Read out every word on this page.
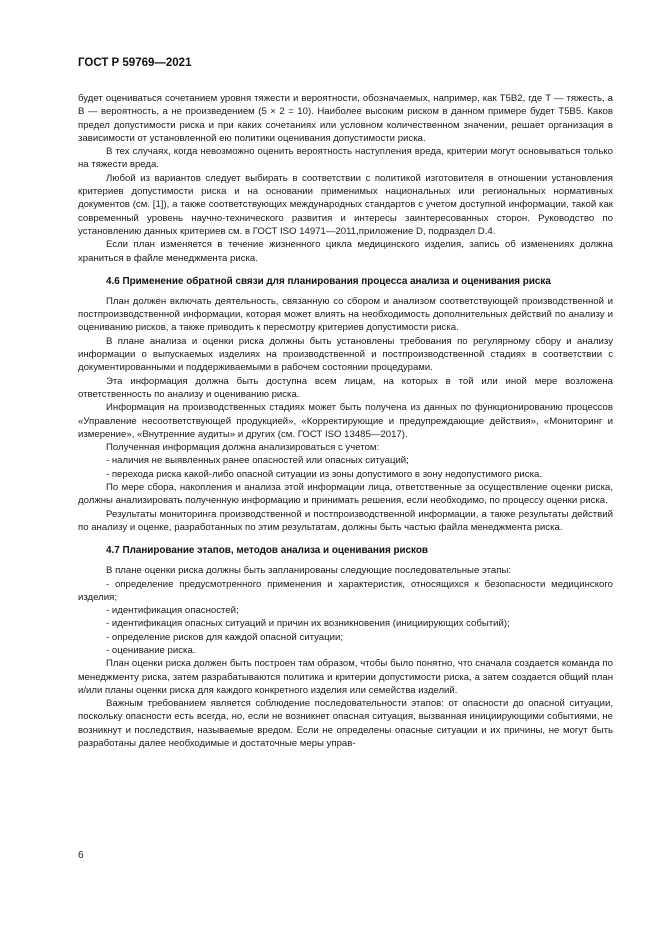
ГОСТ Р 59769—2021

будет оцениваться сочетанием уровня тяжести и вероятности, обозначаемых, например, как T5B2, где T — тяжесть, а B — вероятность, а не произведением (5 × 2 = 10). Наиболее высоким риском в данном примере будет T5B5. Каков предел допустимости риска и при каких сочетаниях или условном количественном значении, решает организация в зависимости от установленной ею политики оценивания допустимости риска.

В тех случаях, когда невозможно оценить вероятность наступления вреда, критерии могут основываться только на тяжести вреда.

Любой из вариантов следует выбирать в соответствии с политикой изготовителя в отношении установления критериев допустимости риска и на основании применимых национальных или региональных нормативных документов (см. [1]), а также соответствующих международных стандартов с учетом доступной информации, такой как современный уровень научно-технического развития и интересы заинтересованных сторон. Руководство по установлению данных критериев см. в ГОСТ ISO 14971—2011,приложение D, подраздел D.4.

Если план изменяется в течение жизненного цикла медицинского изделия, запись об изменениях должна храниться в файле менеджмента риска.

4.6 Применение обратной связи для планирования процесса анализа и оценивания риска

План должен включать деятельность, связанную со сбором и анализом соответствующей производственной и постпроизводственной информации, которая может влиять на необходимость дополнительных действий по анализу и оцениванию рисков, а также приводить к пересмотру критериев допустимости риска.

В плане анализа и оценки риска должны быть установлены требования по регулярному сбору и анализу информации о выпускаемых изделиях на производственной и постпроизводственной стадиях в соответствии с документированными и поддерживаемыми в рабочем состоянии процедурами.

Эта информация должна быть доступна всем лицам, на которых в той или иной мере возложена ответственность по анализу и оцениванию риска.

Информация на производственных стадиях может быть получена из данных по функционированию процессов «Управление несоответствующей продукцией», «Корректирующие и предупреждающие действия», «Мониторинг и измерение», «Внутренние аудиты» и других (см. ГОСТ ISO 13485—2017).

Полученная информация должна анализироваться с учетом:

- наличия не выявленных ранее опасностей или опасных ситуаций;

- перехода риска какой-либо опасной ситуации из зоны допустимого в зону недопустимого риска.

По мере сбора, накопления и анализа этой информации лица, ответственные за осуществление оценки риска, должны анализировать полученную информацию и принимать решения, если необходимо, по процессу оценки риска.

Результаты мониторинга производственной и постпроизводственной информации, а также результаты действий по анализу и оценке, разработанных по этим результатам, должны быть частью файла менеджмента риска.

4.7 Планирование этапов, методов анализа и оценивания рисков

В плане оценки риска должны быть запланированы следующие последовательные этапы:

- определение предусмотренного применения и характеристик, относящихся к безопасности медицинского изделия;

- идентификация опасностей;

- идентификация опасных ситуаций и причин их возникновения (инициирующих событий);

- определение рисков для каждой опасной ситуации;

- оценивание риска.

План оценки риска должен быть построен там образом, чтобы было понятно, что сначала создается команда по менеджменту риска, затем разрабатываются политика и критерии допустимости риска, а затем создается общий план и/или планы оценки риска для каждого конкретного изделия или семейства изделий.

Важным требованием является соблюдение последовательности этапов: от опасности до опасной ситуации, поскольку опасности есть всегда, но, если не возникнет опасная ситуация, вызванная инициирующими событиями, не возникнут и последствия, называемые вредом. Если не определены опасные ситуации и их причины, не могут быть разработаны далее необходимые и достаточные меры управ-

6
